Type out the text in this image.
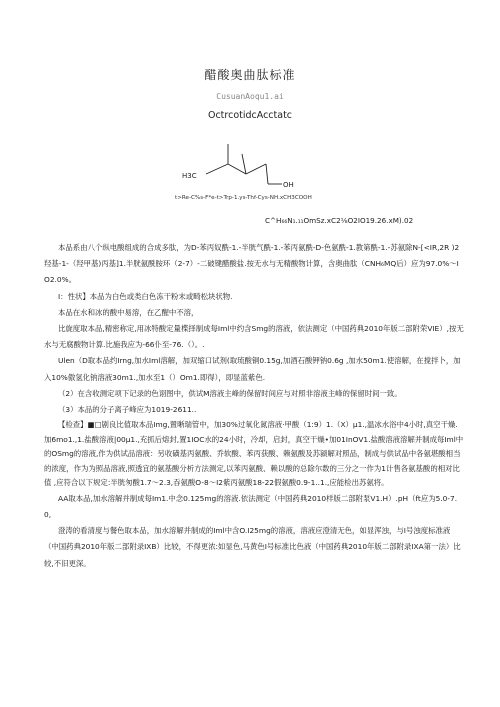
醋酸奥曲肽标准
CusuanAoqu1.ai
OctrcotidcAcctatc
H3C
OH
t>Re-C%s-F*e-t>Trp-1.ys-Thf-Cys-NH.xCH3COOH
C^H₆₆N₁.₁₁OmSz.xC2⅛O2IO19.26.xM).02

本品系由八个纵电酸组成的合成多肽，为D-苯丙奴酰-1.-半胱气酰-1.-苯丙氨酰-D-色氨酰-1.教第酰-1.-苏氨除N-[<IR,2R )2羟基-1-（羟甲基)丙基]1.半胱氨酰胺环（2-7）-二破键醋酸盐.按无水与无精酸物计算，含奥曲肽（CNH₆MQ后）应为97.0%～IO2.0%。

I：性状】本品为白色或类白色冻干粉末或畸松块状物.

本品在水和冰的酸中易溶，在乙醒中不溶，

比旋度取本品,精密称定,用冰特酸定量楪择制成每Iml中约含Smg的溶液，依法测定（中国药典2010年版二部附荣VIE）,按无水与无腐酸物计算.比施我应为-66仆至-76.（）。.

Ulen（D取本品约Irng,加水Iml溶解，加双缩口试剂(取琉酸铜0.15g,加酒石酸钾钠0.6g ,加水50m1.使溶解，在搅拌卜，加入10%傲氢化钠溶液30m1.,加水至1（）Om1.即得），即显蓝紫色.

（2）在含收测定项下记录的色诩图中，供试M溶液主峰的保留时间应与对照非溶液主峰的保留时间一致。

（3）本品的分子离子峰应为1019-2611..

【检查】■□剧良比值取本品Img,置晰瑞管中，加30%过氧化氮溶液·甲酸（1:9）1.（X）μ1.,温冰水浴中4小时,真空干燥.加6mo1.,1.盐酸溶液|00μ1.,充抓后熔封,置1IOC水的24小时，冷却，启封，真空干燥•加01InOV1.盐酸溶液溶解并制成每Iml中的OSmg的溶液,作为供试品溶液：另收磺基丙氨酸、乔软酸、苯丙获酸、赖氨酸及苏颍解对照品，制成与供试品中各氨堪酸相当的浓度，作为为照品溶液,照透宜的氨基酸分析方法测定,以苯丙氨酸、赖以酸的总除尔数的三分之一作为1计售各氨基酸的相对比值 ,应符合以下规定:半胱匆酸1.7～2.3,吞氨酸O-8～I2紫丙氨酸18-22假氨酸0.9-1..1.,应能检出苏氨将。

AA取本品,加水溶解并制成每Im1.中念0.125mg的溶液.依法测定（中国药典2010样版二部附泵V1.H）.pH（ft应为5.0-7.0,

澄涛的看清度与餐色取本品，加水溶解并制成的Iml中含O.I25mg的溶液，溶液应澄清无色，如显浑浊，与I号浊度标准液（中国药典2010年版二部附录IXB）比较，不得更浓:如显色,马黄色I号标准比色液（中国药典2010年版二部附录IXA第一法）比较,不旧更深。
